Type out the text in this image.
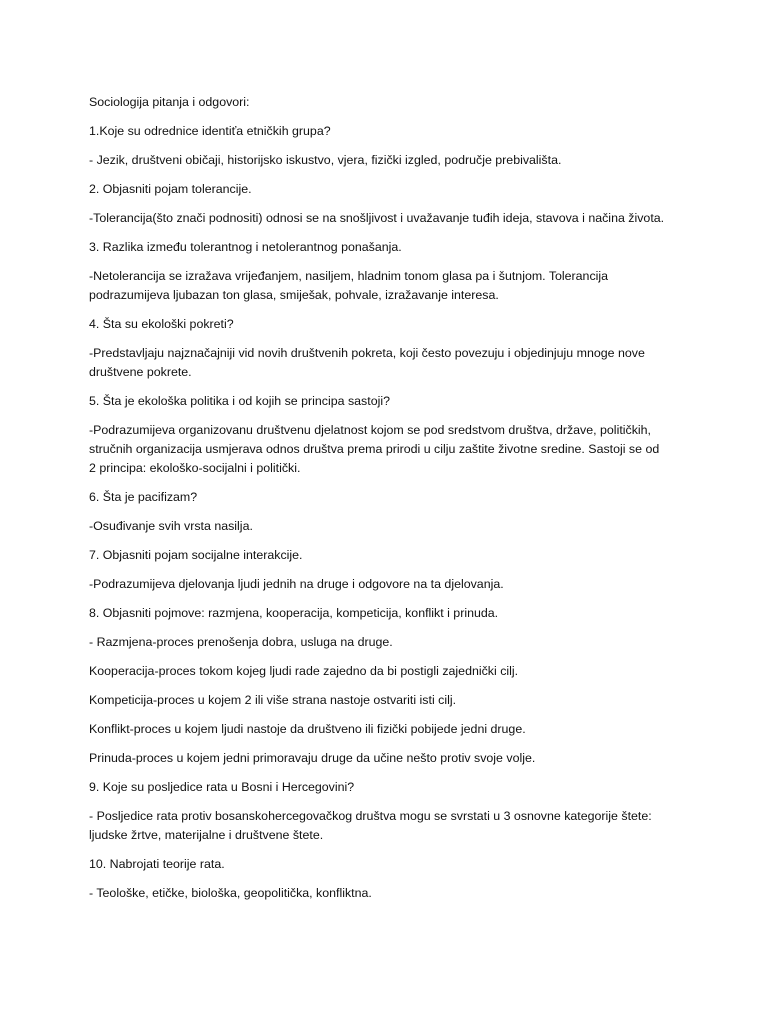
Sociologija pitanja i odgovori:

1.Koje su odrednice identiťa etničkih grupa?

- Jezik, društveni običaji, historijsko iskustvo, vjera, fizički izgled, područje prebivališta.

2. Objasniti pojam tolerancije.

-Tolerancija(što znači podnositi) odnosi se na snošljivost i uvažavanje tuđih ideja, stavova i načina života.

3. Razlika između tolerantnog i netolerantnog ponašanja.

-Netolerancija se izražava vrijeđanjem, nasiljem, hladnim tonom glasa pa i šutnjom. Tolerancija
podrazumijeva ljubazan ton glasa, smiješak, pohvale, izražavanje interesa.

4. Šta su ekološki pokreti?

-Predstavljaju najznačajniji vid novih društvenih pokreta, koji često povezuju i objedinjuju mnoge nove
društvene pokrete.

5. Šta je ekološka politika i od kojih se principa sastoji?

-Podrazumijeva organizovanu društvenu djelatnost kojom se pod sredstvom društva, države, političkih,
stručnih organizacija usmjerava odnos društva prema prirodi u cilju zaštite životne sredine. Sastoji se od
2 principa: ekološko-socijalni i politički.

6. Šta je pacifizam?

-Osuđivanje svih vrsta nasilja.

7. Objasniti pojam socijalne interakcije.

-Podrazumijeva djelovanja ljudi jednih na druge i odgovore na ta djelovanja.

8. Objasniti pojmove: razmjena, kooperacija, kompeticija, konflikt i prinuda.

- Razmjena-proces prenošenja dobra, usluga na druge.

Kooperacija-proces tokom kojeg ljudi rade zajedno da bi postigli zajednički cilj.

Kompeticija-proces u kojem 2 ili više strana nastoje ostvariti isti cilj.

Konflikt-proces u kojem ljudi nastoje da društveno ili fizički pobijede jedni druge.

Prinuda-proces u kojem jedni primoravaju druge da učine nešto protiv svoje volje.

9. Koje su posljedice rata u Bosni i Hercegovini?

- Posljedice rata protiv bosanskohercegovačkog društva mogu se svrstati u 3 osnovne kategorije štete:
ljudske žrtve, materijalne i društvene štete.

10. Nabrojati teorije rata.

- Teološke, etičke, biološka, geopolitička, konfliktna.
